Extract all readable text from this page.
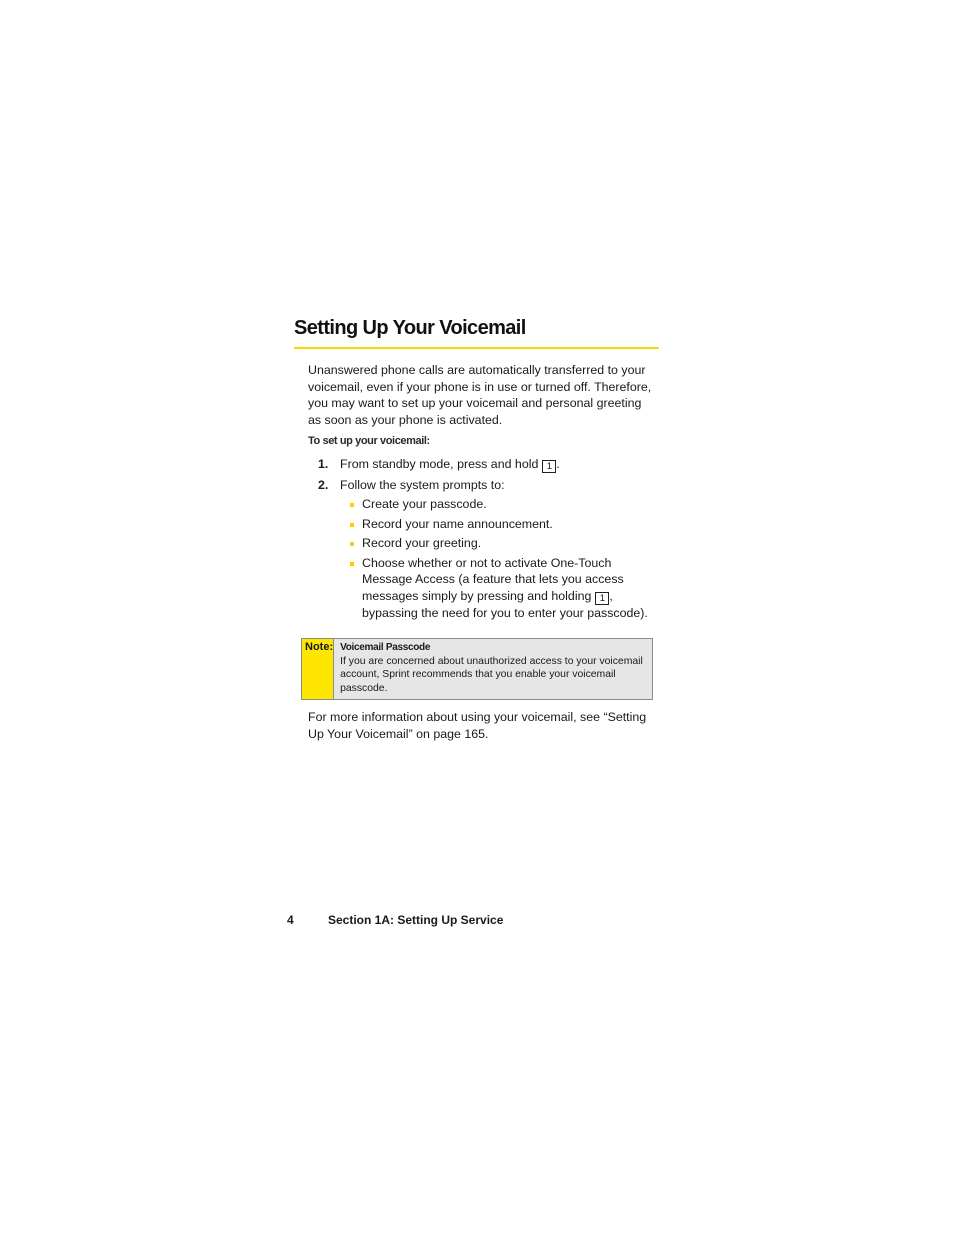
Setting Up Your Voicemail

Unanswered phone calls are automatically transferred to your voicemail, even if your phone is in use or turned off. Therefore, you may want to set up your voicemail and personal greeting as soon as your phone is activated.

To set up your voicemail:

1. From standby mode, press and hold 1 .
2. Follow the system prompts to:
Create your passcode.
Record your name announcement.
Record your greeting.
Choose whether or not to activate One-Touch Message Access (a feature that lets you access messages simply by pressing and holding 1 , bypassing the need for you to enter your passcode).
Note: Voicemail Passcode
If you are concerned about unauthorized access to your voicemail account, Sprint recommends that you enable your voicemail passcode.

For more information about using your voicemail, see “Setting Up Your Voicemail” on page 165.

4	Section 1A: Setting Up Service
